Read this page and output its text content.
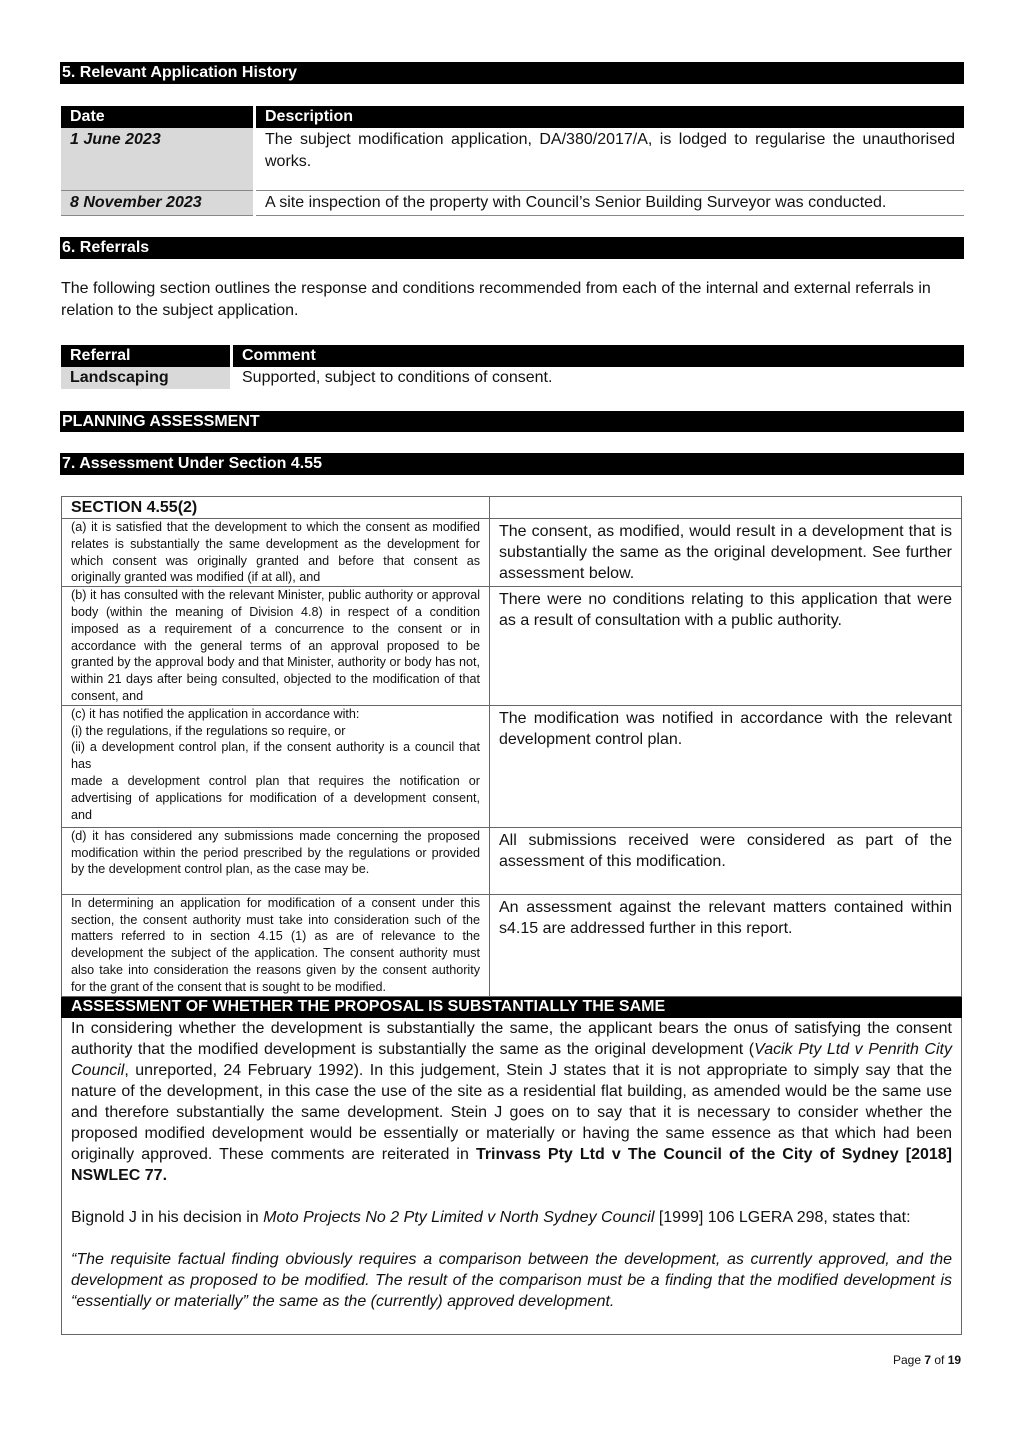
5. Relevant Application History
Date	Description
1 June 2023	The subject modification application, DA/380/2017/A, is lodged to regularise the unauthorised works.
8 November 2023	A site inspection of the property with Council’s Senior Building Surveyor was conducted.
6. Referrals
The following section outlines the response and conditions recommended from each of the internal and external referrals in relation to the subject application.
Referral	Comment
Landscaping	Supported, subject to conditions of consent.
PLANNING ASSESSMENT
7. Assessment Under Section 4.55
SECTION 4.55(2)	
(a) it is satisfied that the development to which the consent as modified relates is substantially the same development as the development for which consent was originally granted and before that consent as originally granted was modified (if at all), and	The consent, as modified, would result in a development that is substantially the same as the original development. See further assessment below.
(b) it has consulted with the relevant Minister, public authority or approval body (within the meaning of Division 4.8) in respect of a condition imposed as a requirement of a concurrence to the consent or in accordance with the general terms of an approval proposed to be granted by the approval body and that Minister, authority or body has not, within 21 days after being consulted, objected to the modification of that consent, and	There were no conditions relating to this application that were as a result of consultation with a public authority.

(c) it has notified the application in accordance with:
(i) the regulations, if the regulations so require, or
(ii) a development control plan, if the consent authority is a council that has
made a development control plan that requires the notification or advertising of applications for modification of a development consent, and	The modification was notified in accordance with the relevant development control plan.
(d) it has considered any submissions made concerning the proposed modification within the period prescribed by the regulations or provided by the development control plan, as the case may be.	All submissions received were considered as part of the assessment of this modification.
In determining an application for modification of a consent under this section, the consent authority must take into consideration such of the matters referred to in section 4.15 (1) as are of relevance to the development the subject of the application. The consent authority must also take into consideration the reasons given by the consent authority for the grant of the consent that is sought to be modified.	An assessment against the relevant matters contained within s4.15 are addressed further in this report.
ASSESSMENT OF WHETHER THE PROPOSAL IS SUBSTANTIALLY THE SAME	

In considering whether the development is substantially the same, the applicant bears the onus of satisfying the consent authority that the modified development is substantially the same as the original development (Vacik Pty Ltd v Penrith City Council, unreported, 24 February 1992). In this judgement, Stein J states that it is not appropriate to simply say that the nature of the development, in this case the use of the site as a residential flat building, as amended would be the same use and therefore substantially the same development. Stein J goes on to say that it is necessary to consider whether the proposed modified development would be essentially or materially or having the same essence as that which had been originally approved. These comments are reiterated in Trinvass Pty Ltd v The Council of the City of Sydney [2018] NSWLEC 77.

Bignold J in his decision in Moto Projects No 2 Pty Limited v North Sydney Council [1999] 106 LGERA 298, states that:

“The requisite factual finding obviously requires a comparison between the development, as currently approved, and the development as proposed to be modified. The result of the comparison must be a finding that the modified development is “essentially or materially” the same as the (currently) approved development.	

Page 7 of 19
